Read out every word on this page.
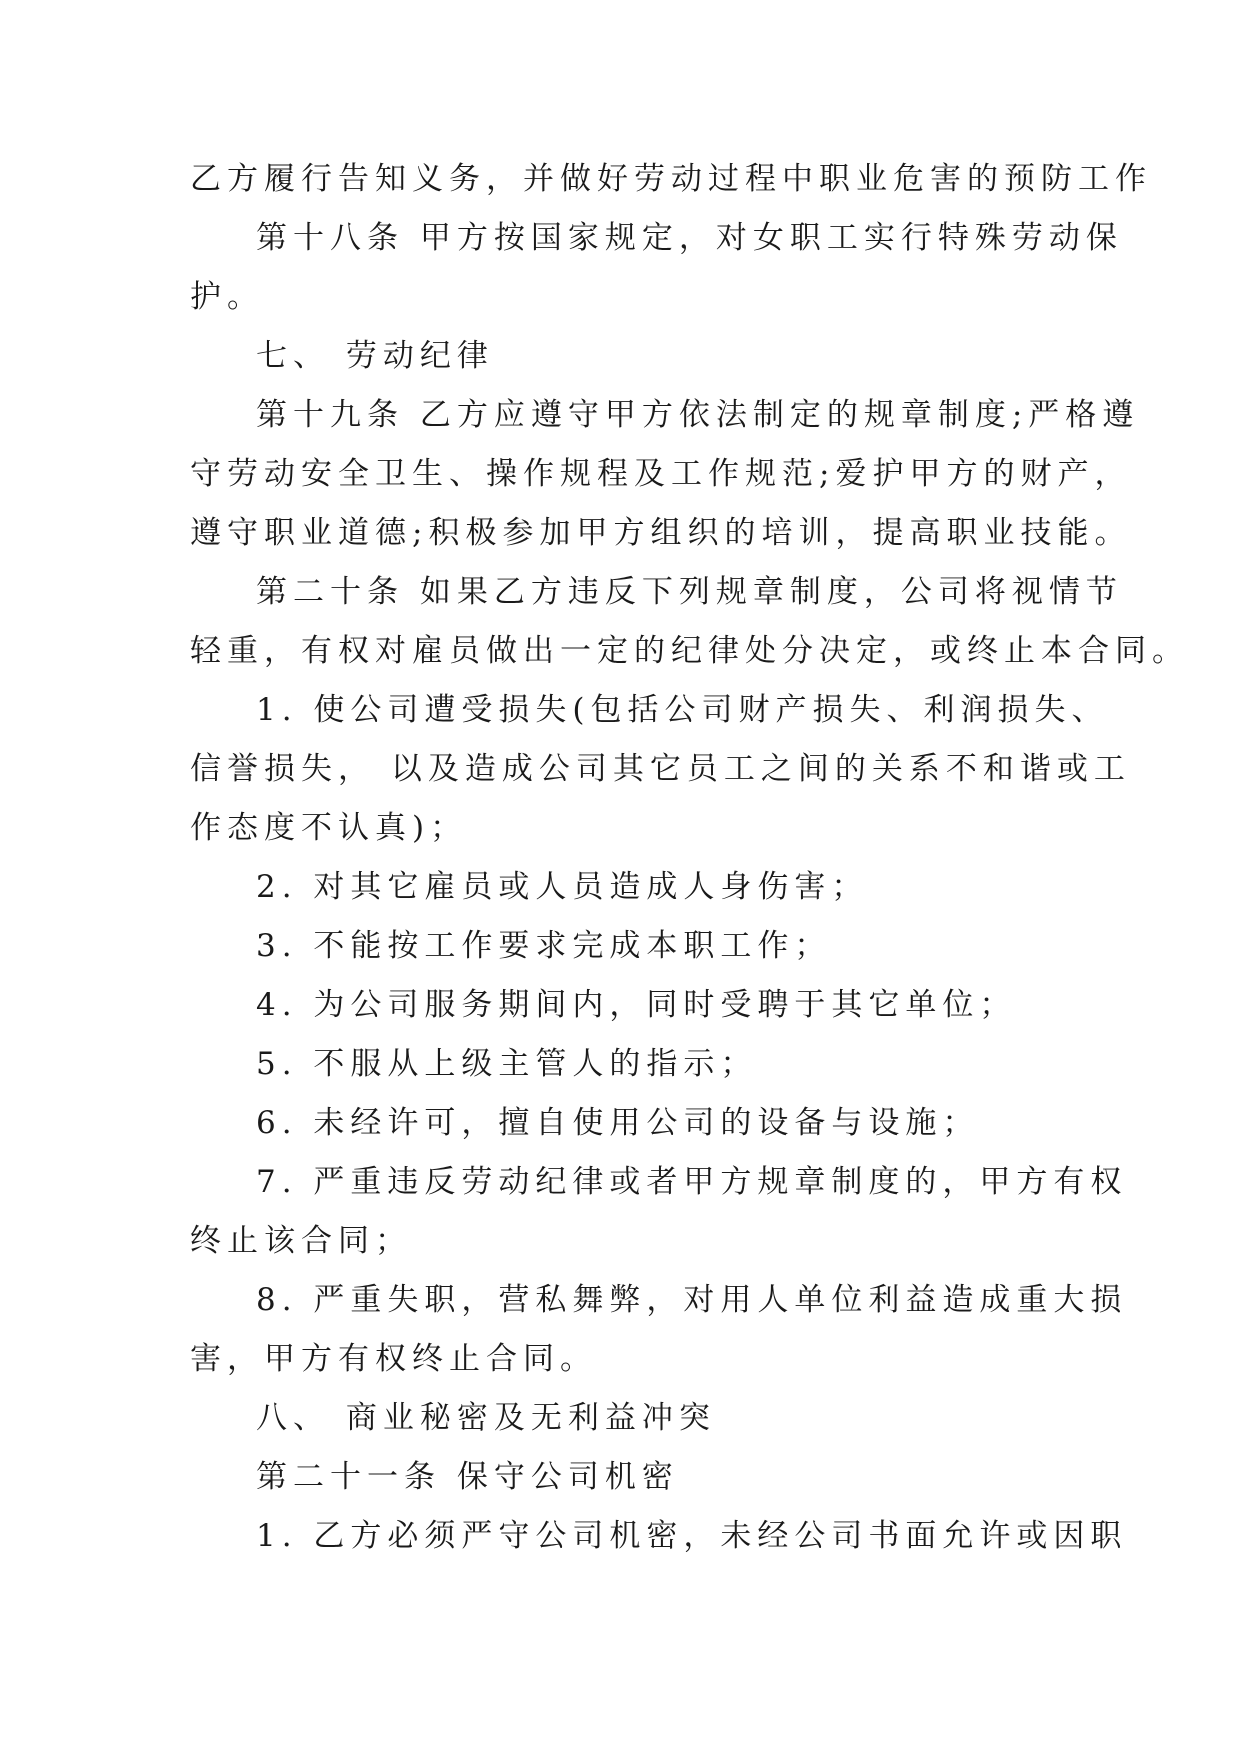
乙方履行告知义务，并做好劳动过程中职业危害的预防工作
第十八条 甲方按国家规定，对女职工实行特殊劳动保
护。
七、 劳动纪律
第十九条 乙方应遵守甲方依法制定的规章制度;严格遵
守劳动安全卫生、操作规程及工作规范;爱护甲方的财产，
遵守职业道德;积极参加甲方组织的培训，提高职业技能。
第二十条 如果乙方违反下列规章制度，公司将视情节
轻重，有权对雇员做出一定的纪律处分决定，或终止本合同。
1. 使公司遭受损失(包括公司财产损失、利润损失、
信誉损失， 以及造成公司其它员工之间的关系不和谐或工
作态度不认真)；
2. 对其它雇员或人员造成人身伤害；
3. 不能按工作要求完成本职工作；
4. 为公司服务期间内，同时受聘于其它单位；
5. 不服从上级主管人的指示；
6. 未经许可，擅自使用公司的设备与设施；
7. 严重违反劳动纪律或者甲方规章制度的，甲方有权
终止该合同；
8. 严重失职，营私舞弊，对用人单位利益造成重大损
害，甲方有权终止合同。
八、 商业秘密及无利益冲突
第二十一条 保守公司机密
1. 乙方必须严守公司机密，未经公司书面允许或因职
